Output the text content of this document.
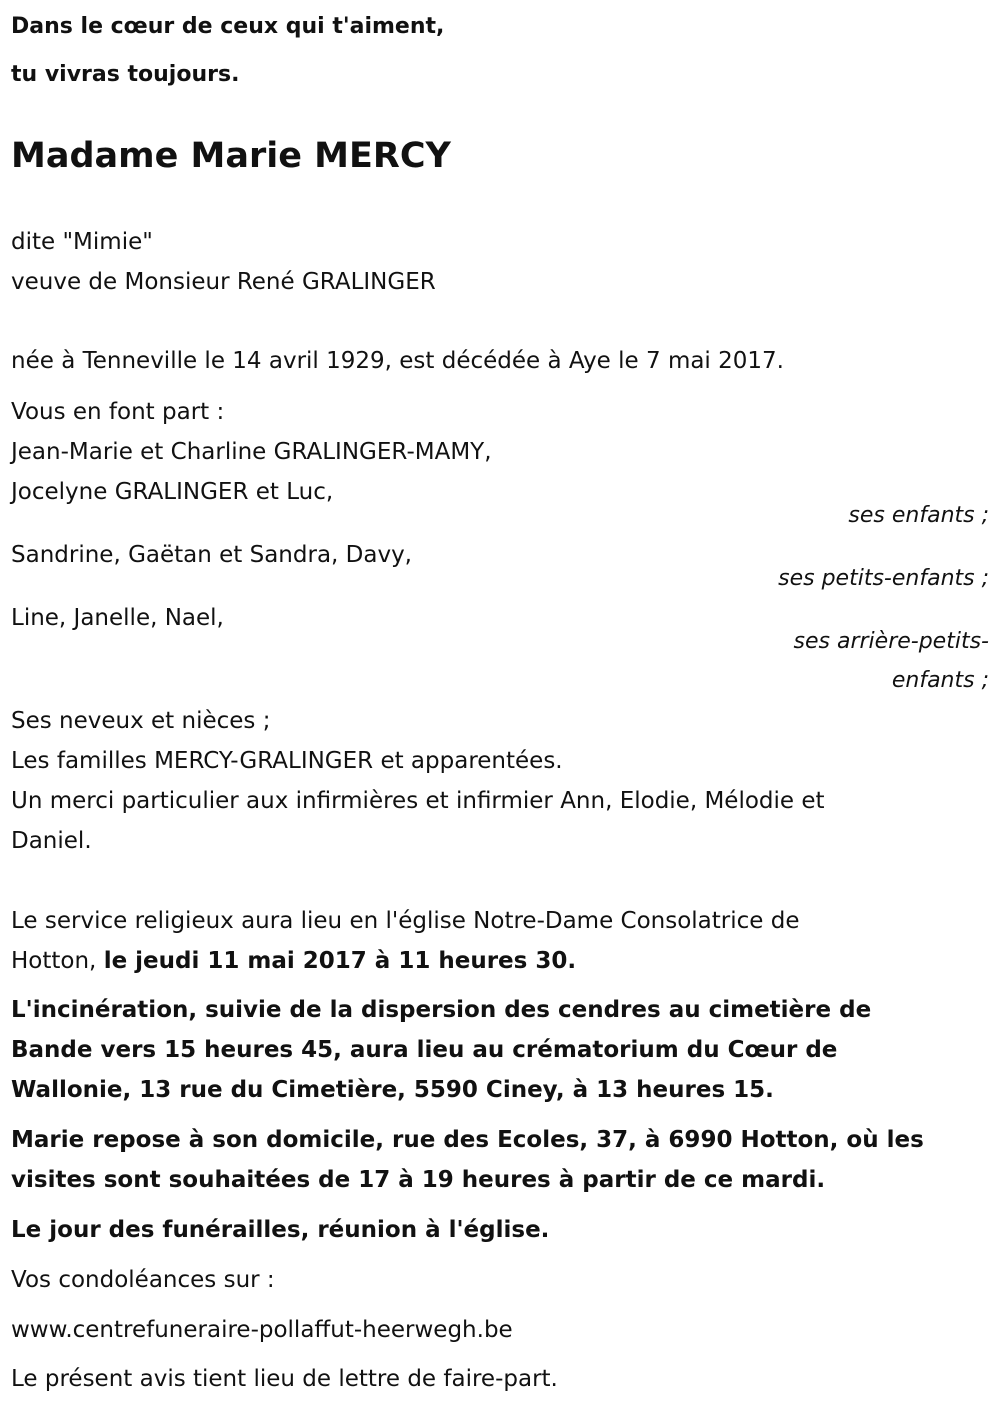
Dans le cœur de ceux qui t'aiment,
tu vivras toujours.
Madame Marie MERCY
dite "Mimie"
veuve de Monsieur René GRALINGER
née à Tenneville le 14 avril 1929, est décédée à Aye le 7 mai 2017.
Vous en font part :
Jean-Marie et Charline GRALINGER-MAMY,
Jocelyne GRALINGER et Luc,
ses enfants ;
Sandrine, Gaëtan et Sandra, Davy,
ses petits-enfants ;
Line, Janelle, Nael,
ses arrière-petits-
enfants ;
Ses neveux et nièces ;
Les familles MERCY-GRALINGER et apparentées.
Un merci particulier aux infirmières et infirmier Ann, Elodie, Mélodie et
Daniel.
Le service religieux aura lieu en l'église Notre-Dame Consolatrice de
Hotton, le jeudi 11 mai 2017 à 11 heures 30.
L'incinération, suivie de la dispersion des cendres au cimetière de
Bande vers 15 heures 45, aura lieu au crématorium du Cœur de
Wallonie, 13 rue du Cimetière, 5590 Ciney, à 13 heures 15.
Marie repose à son domicile, rue des Ecoles, 37, à 6990 Hotton, où les
visites sont souhaitées de 17 à 19 heures à partir de ce mardi.
Le jour des funérailles, réunion à l'église.
Vos condoléances sur :
www.centrefuneraire-pollaffut-heerwegh.be
Le présent avis tient lieu de lettre de faire-part.
